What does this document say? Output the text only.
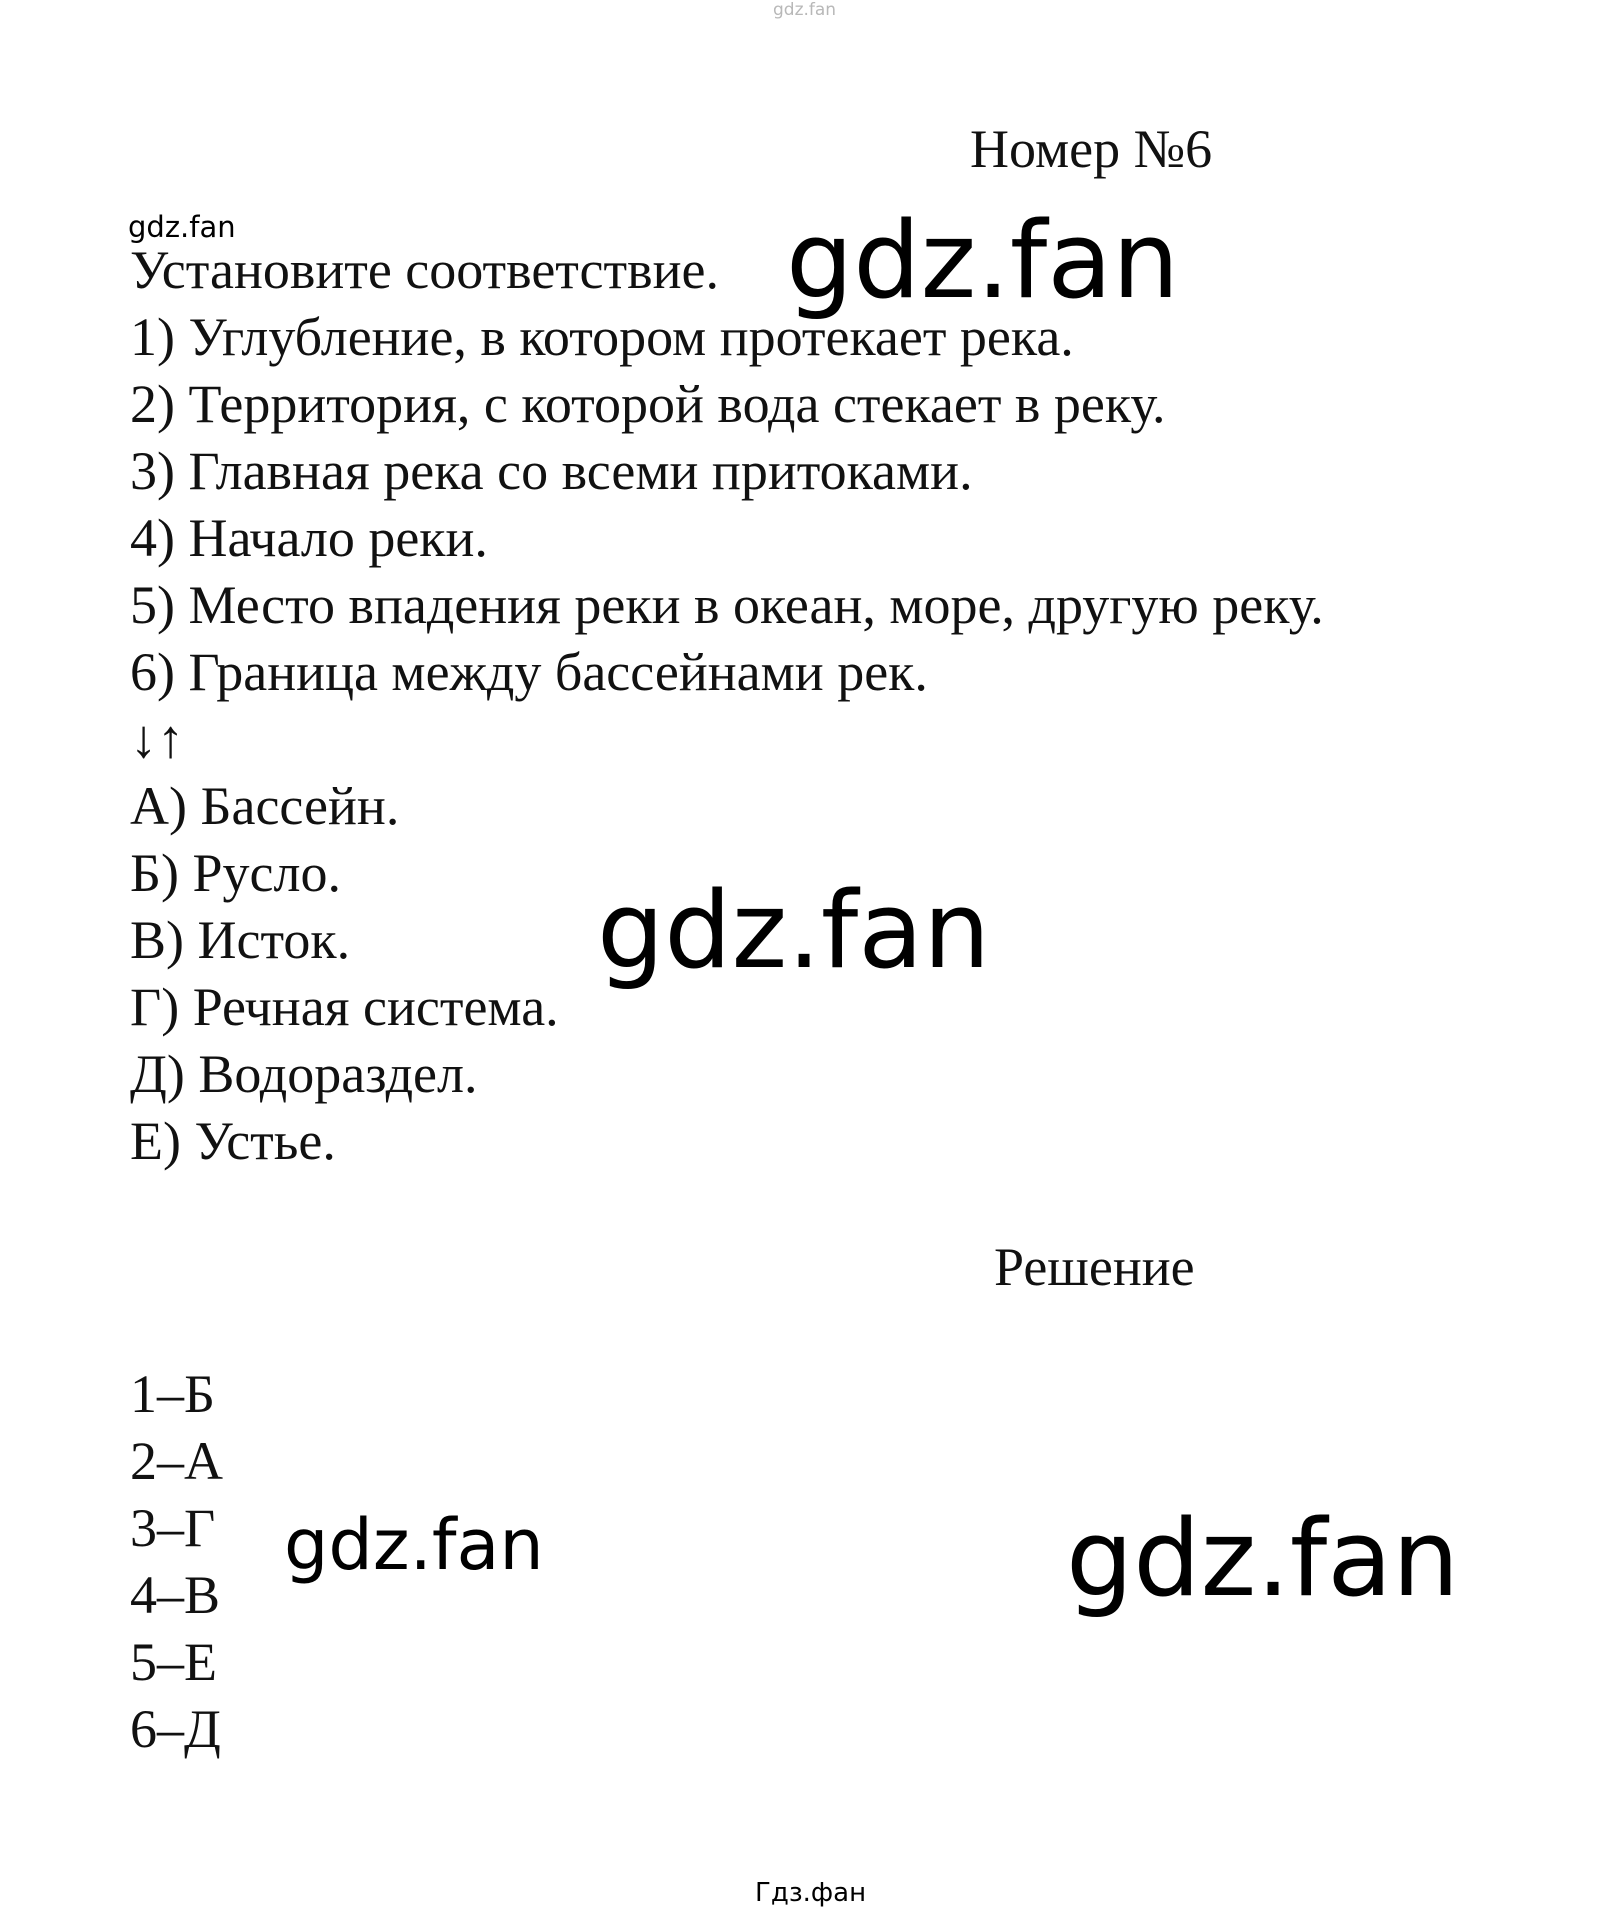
gdz.fan
Номер №6
gdz.fan
Установите соответствие.
1) Углубление, в котором протекает река.
2) Территория, с которой вода стекает в реку.
3) Главная река со всеми притоками.
4) Начало реки.
5) Место впадения реки в океан, море, другую реку.
6) Граница между бассейнами рек.
↓↑
А) Бассейн.
Б) Русло.
В) Исток.
Г) Речная система.
Д) Водораздел.
Е) Устье.
Решение
1–Б
2–А
3–Г
4–В
5–Е
6–Д
gdz.fan
gdz.fan
gdz.fan	gdz.fan
Гдз.фан
